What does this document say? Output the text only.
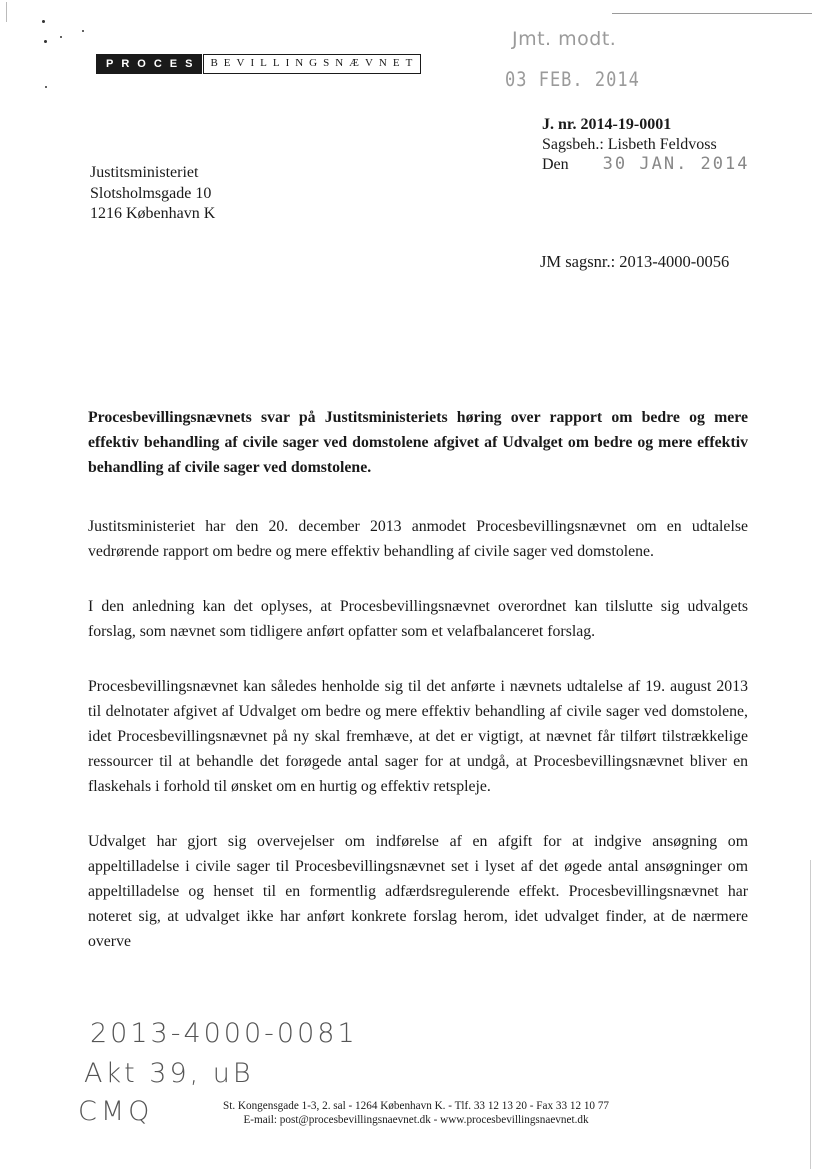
PROCES BEVILLINGSNÆVNET
Jmt. modt.
03 FEB. 2014
J. nr. 2014-19-0001
Sagsbeh.: Lisbeth Feldvoss
Den 30 JAN. 2014
Justitsministeriet
Slotsholmsgade 10
1216 København K
JM sagsnr.: 2013-4000-0056

Procesbevillingsnævnets svar på Justitsministeriets høring over rapport om bedre og mere effektiv behandling af civile sager ved domstolene afgivet af Udvalget om bedre og mere effektiv behandling af civile sager ved domstolene.

Justitsministeriet har den 20. december 2013 anmodet Procesbevillingsnævnet om en udtalelse vedrørende rapport om bedre og mere effektiv behandling af civile sager ved domstolene.

I den anledning kan det oplyses, at Procesbevillingsnævnet overordnet kan tilslutte sig udvalgets forslag, som nævnet som tidligere anført opfatter som et velafbalanceret forslag.

Procesbevillingsnævnet kan således henholde sig til det anførte i nævnets udtalelse af 19. august 2013 til delnotater afgivet af Udvalget om bedre og mere effektiv behandling af civile sager ved domstolene, idet Procesbevillingsnævnet på ny skal fremhæve, at det er vigtigt, at nævnet får tilført tilstrækkelige ressourcer til at behandle det forøgede antal sager for at undgå, at Procesbevillingsnævnet bliver en flaskehals i forhold til ønsket om en hurtig og effektiv retspleje.

Udvalget har gjort sig overvejelser om indførelse af en afgift for at indgive ansøgning om appeltilladelse i civile sager til Procesbevillingsnævnet set i lyset af det øgede antal ansøgninger om appeltilladelse og henset til en formentlig adfærdsregulerende effekt. Procesbevillingsnævnet har noteret sig, at udvalget ikke har anført konkrete forslag herom, idet udvalget finder, at de nærmere overve

2013-4000-0081
Akt 39, uB
CMQ	St. Kongensgade 1-3, 2. sal - 1264 København K. - Tlf. 33 12 13 20 - Fax 33 12 10 77
E-mail: post@procesbevillingsnaevnet.dk - www.procesbevillingsnaevnet.dk
